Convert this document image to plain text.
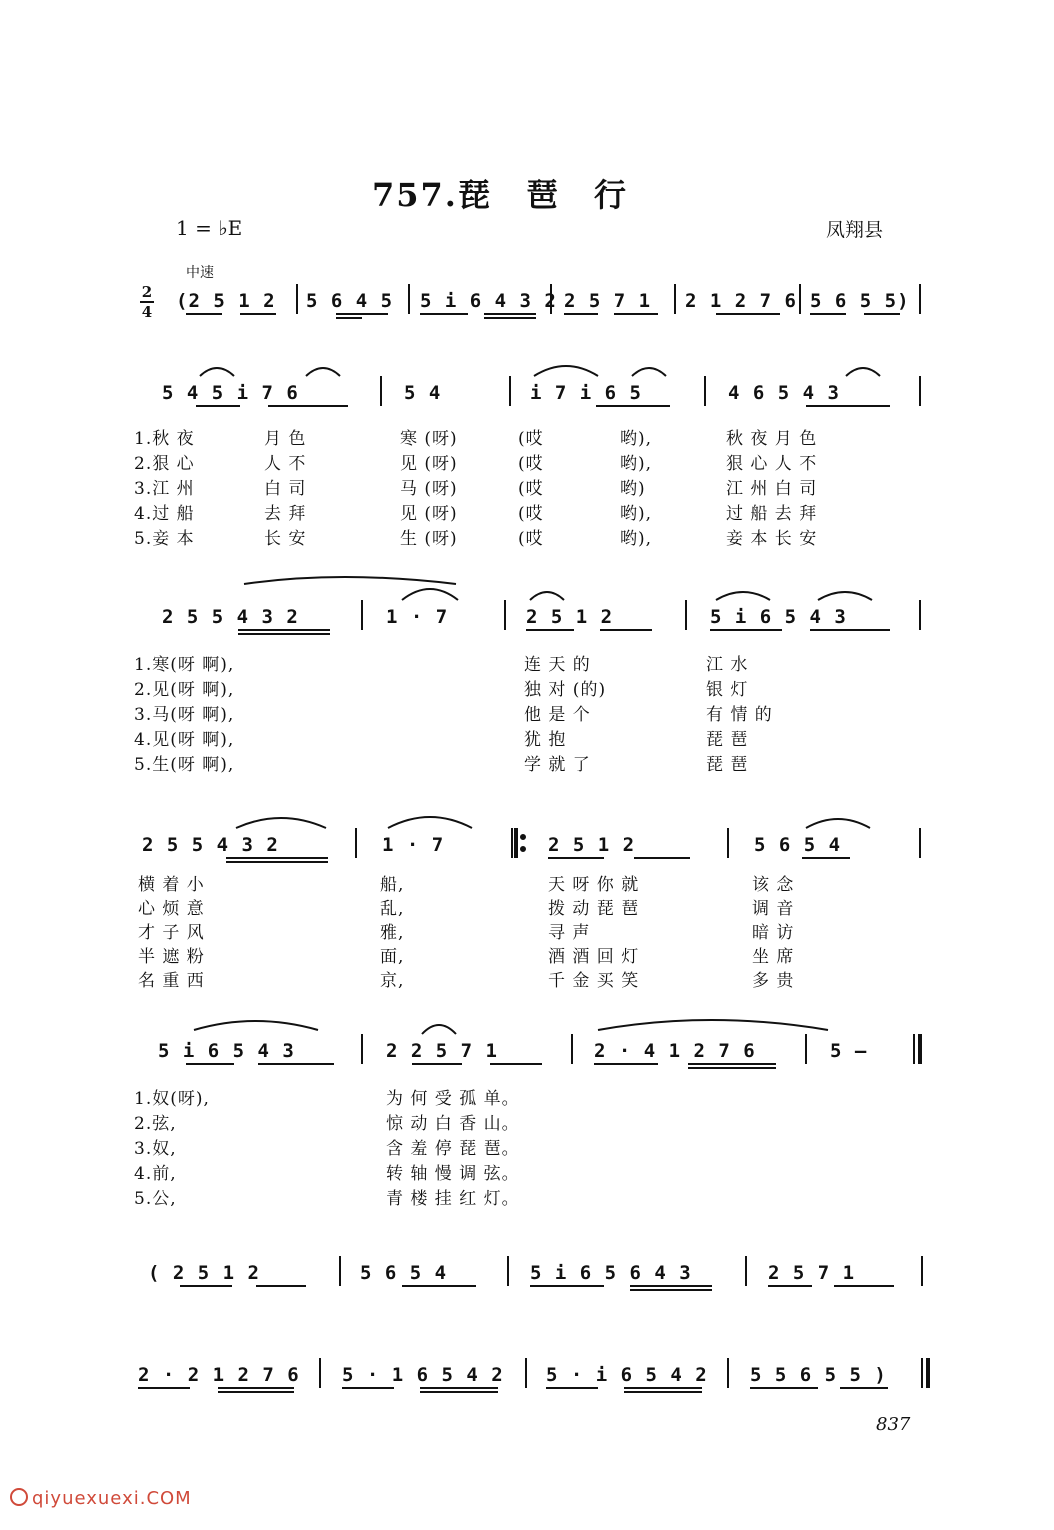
757.琵　琶　行
1 = ♭E	凤翔县
中速
2
4 (2 5 1 2 5 6 4 5 5 i 6 4 3 2 2 5 7 1 2 1 2 7 6 5 6 5 5)
5 4 5 i 7 6	5 4	i 7 i 6 5	4 6 5 4 3
1.秋 夜	月 色	寒 (呀)	(哎	哟),	秋 夜 月 色
2.狠 心	人 不	见 (呀)	(哎	哟),	狠 心 人 不
3.江 州	白 司	马 (呀)	(哎	哟)	江 州 白 司
4.过 船	去 拜	见 (呀)	(哎	哟),	过 船 去 拜
5.妾 本	长 安	生 (呀)	(哎	哟),	妾 本 长 安
2 5 5 4 3 2	1 · 7	2 5 1 2	5 i 6 5 4 3
1.寒(呀 啊),	连 天 的	江 水
2.见(呀 啊),	独 对 (的)	银 灯
3.马(呀 啊),	他 是 个	有 情 的
4.见(呀 啊),	犹 抱	琵 琶
5.生(呀 啊),	学 就 了	琵 琶
2 5 5 4 3 2	1 · 7	2 5 1 2	5 6 5 4
横 着 小	船,	天 呀 你 就	该 念
心 烦 意	乱,	拨 动 琵 琶	调 音
才 子 风	雅,	寻 声	暗 访
半 遮 粉	面,	酒 酒 回 灯	坐 席
名 重 西	京,	千 金 买 笑	多 贵
5 i 6 5 4 3	2 2 5 7 1	2 · 4 1 2 7 6	5 –
1.奴(呀),	为 何 受 孤 单。
2.弦,	惊 动 白 香 山。
3.奴,	含 羞 停 琵 琶。
4.前,	转 轴 慢 调 弦。
5.公,	青 楼 挂 红 灯。
( 2 5 1 2	5 6 5 4	5 i 6 5 6 4 3	2 5 7 1
2 · 2 1 2 7 6 5 · 1 6 5 4 2 5 · i 6 5 4 2 5 5 6 5 5 )
837
qiyuexuexi.COM
